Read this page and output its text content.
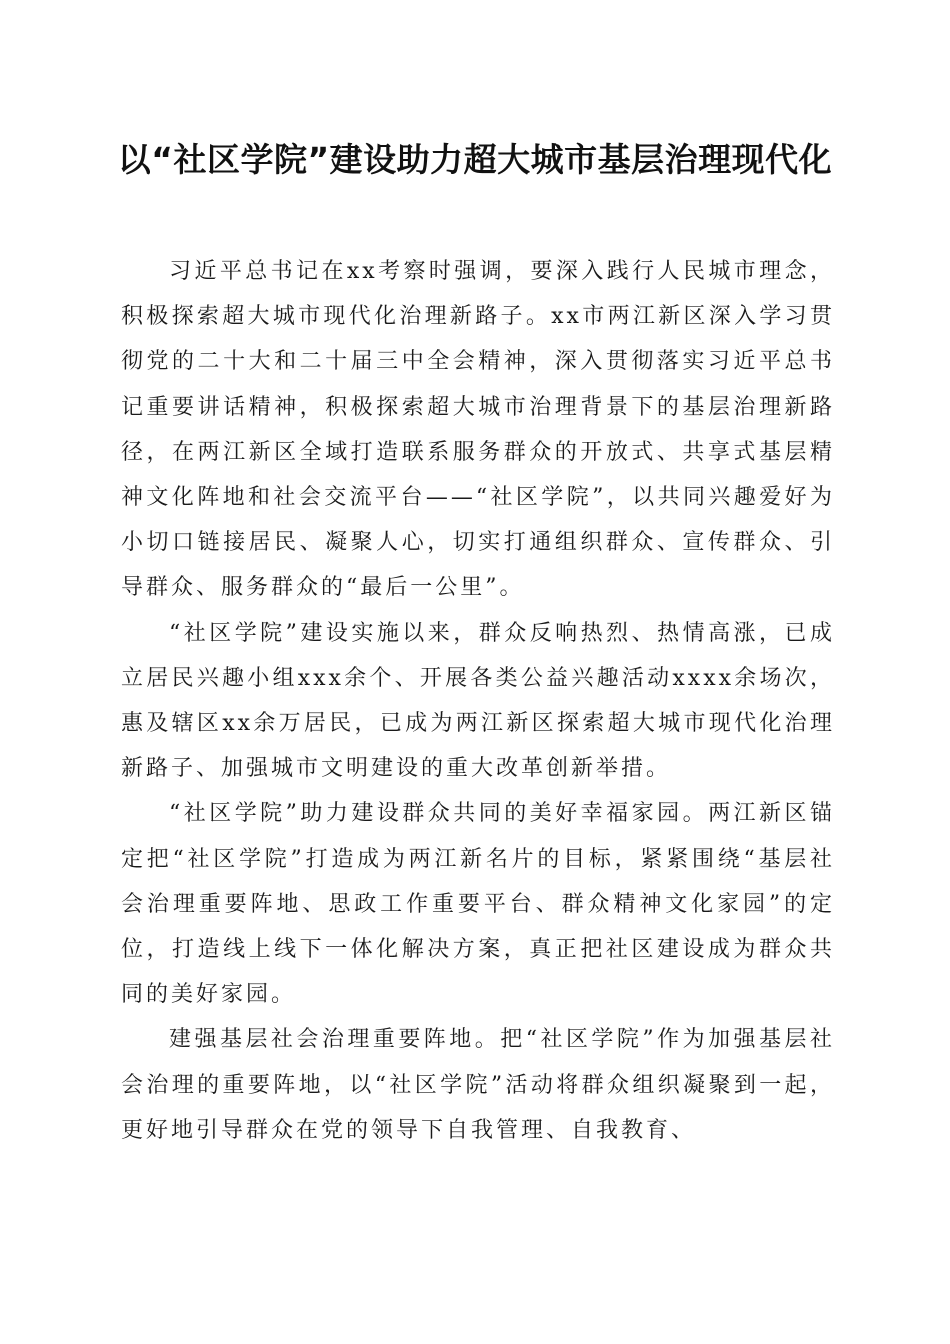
以“社区学院”建设助力超大城市基层治理现代化

习近平总书记在xx考察时强调，要深入践行人民城市理念，积极探索超大城市现代化治理新路子。xx市两江新区深入学习贯彻党的二十大和二十届三中全会精神，深入贯彻落实习近平总书记重要讲话精神，积极探索超大城市治理背景下的基层治理新路径，在两江新区全域打造联系服务群众的开放式、共享式基层精神文化阵地和社会交流平台——“社区学院”，以共同兴趣爱好为小切口链接居民、凝聚人心，切实打通组织群众、宣传群众、引导群众、服务群众的“最后一公里”。

“社区学院”建设实施以来，群众反响热烈、热情高涨，已成立居民兴趣小组xxx余个、开展各类公益兴趣活动xxxx余场次，惠及辖区xx余万居民，已成为两江新区探索超大城市现代化治理新路子、加强城市文明建设的重大改革创新举措。

“社区学院”助力建设群众共同的美好幸福家园。两江新区锚定把“社区学院”打造成为两江新名片的目标，紧紧围绕“基层社会治理重要阵地、思政工作重要平台、群众精神文化家园”的定位，打造线上线下一体化解决方案，真正把社区建设成为群众共同的美好家园。

建强基层社会治理重要阵地。把“社区学院”作为加强基层社会治理的重要阵地，以“社区学院”活动将群众组织凝聚到一起，更好地引导群众在党的领导下自我管理、自我教育、
